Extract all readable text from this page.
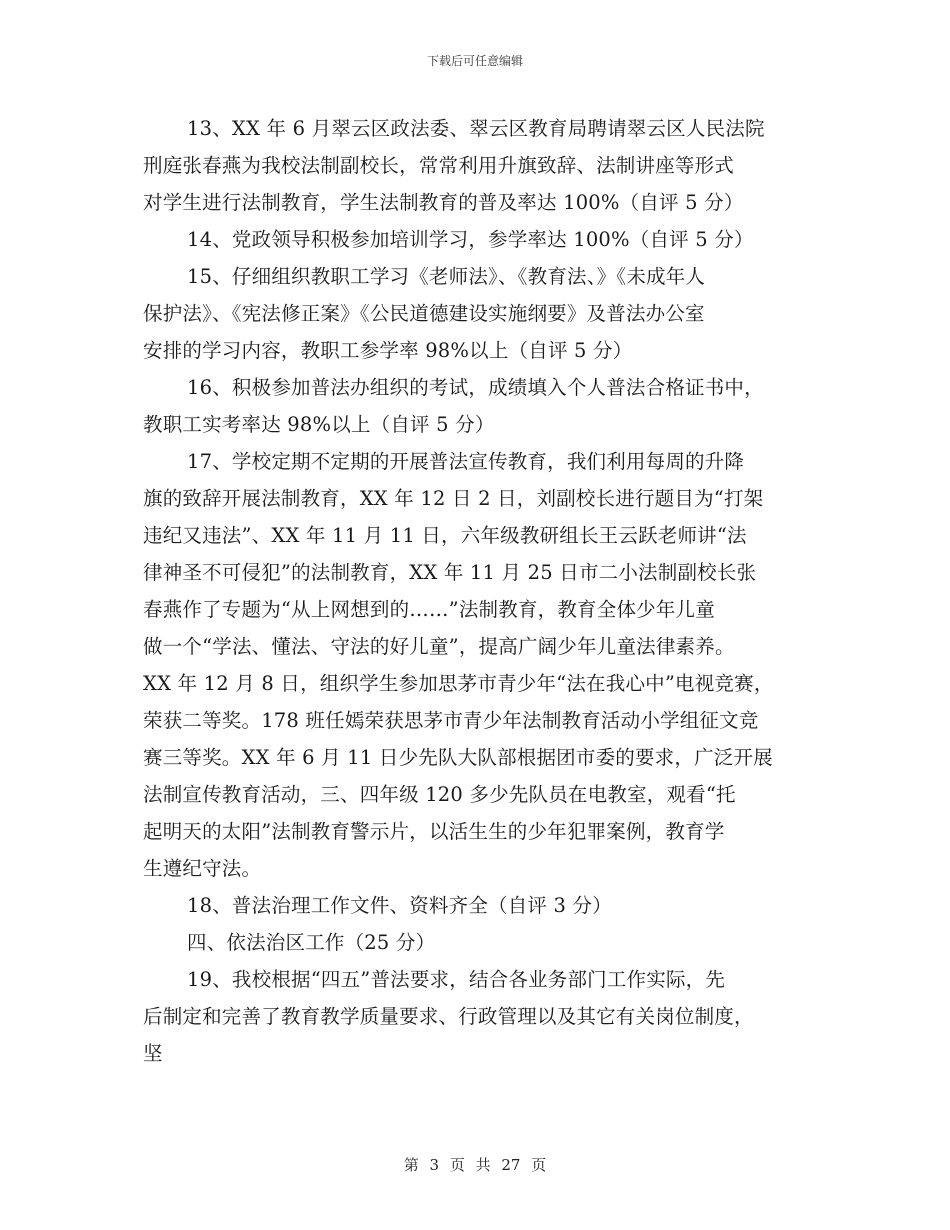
下载后可任意编辑
13、XX 年 6 月翠云区政法委、翠云区教育局聘请翠云区人民法院
刑庭张春燕为我校法制副校长，常常利用升旗致辞、法制讲座等形式
对学生进行法制教育，学生法制教育的普及率达 100%（自评 5 分）
14、党政领导积极参加培训学习，参学率达 100%（自评 5 分）
15、仔细组织教职工学习《老师法》、《教育法、》《未成年人
保护法》、《宪法修正案》《公民道德建设实施纲要》及普法办公室
安排的学习内容，教职工参学率 98%以上（自评 5 分）
16、积极参加普法办组织的考试，成绩填入个人普法合格证书中，
教职工实考率达 98%以上（自评 5 分）
17、学校定期不定期的开展普法宣传教育，我们利用每周的升降
旗的致辞开展法制教育，XX 年 12 日 2 日，刘副校长进行题目为“打架
违纪又违法”、XX 年 11 月 11 日，六年级教研组长王云跃老师讲“法
律神圣不可侵犯”的法制教育，XX 年 11 月 25 日市二小法制副校长张
春燕作了专题为“从上网想到的……”法制教育，教育全体少年儿童
做一个“学法、懂法、守法的好儿童”，提高广阔少年儿童法律素养。
XX 年 12 月 8 日，组织学生参加思茅市青少年“法在我心中”电视竞赛，
荣获二等奖。178 班任嫣荣获思茅市青少年法制教育活动小学组征文竞
赛三等奖。XX 年 6 月 11 日少先队大队部根据团市委的要求，广泛开展
法制宣传教育活动，三、四年级 120 多少先队员在电教室，观看“托
起明天的太阳”法制教育警示片，以活生生的少年犯罪案例，教育学
生遵纪守法。
18、普法治理工作文件、资料齐全（自评 3 分）
四、依法治区工作（25 分）
19、我校根据“四五”普法要求，结合各业务部门工作实际，先
后制定和完善了教育教学质量要求、行政管理以及其它有关岗位制度，
坚
第 3 页 共 27 页
